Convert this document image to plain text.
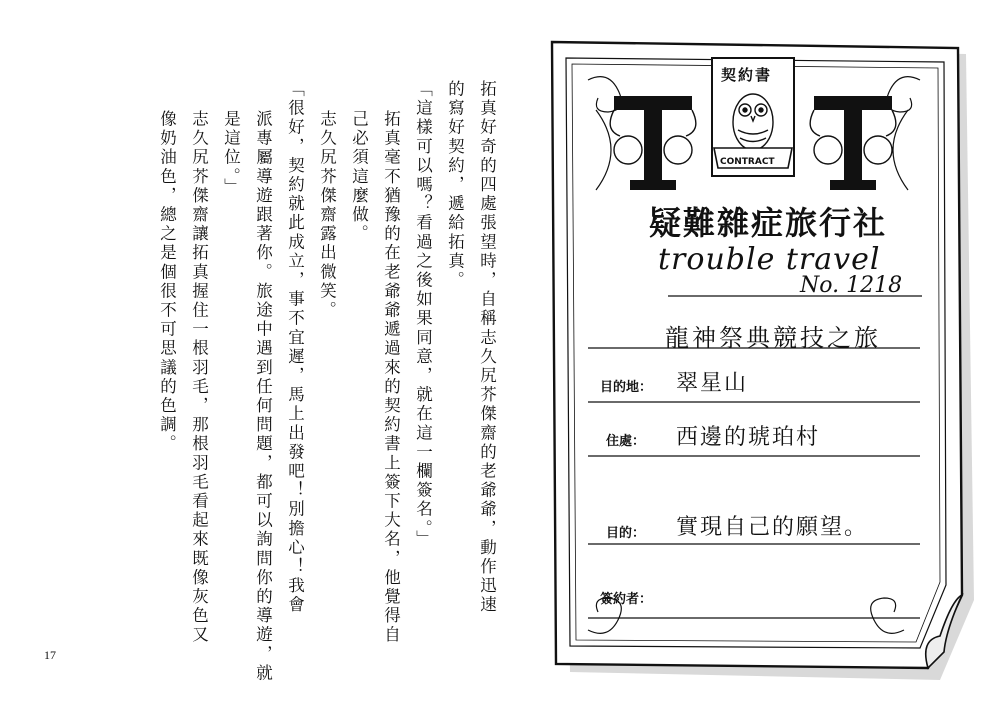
拓真好奇的四處張望時，自稱志久尻芥傑齋的老爺爺，動作迅速
的寫好契約，遞給拓真。
「這樣可以嗎？看過之後如果同意，就在這一欄簽名。」
拓真毫不猶豫的在老爺爺遞過來的契約書上簽下大名，他覺得自
己必須這麼做。
志久尻芥傑齋露出微笑。
「很好，契約就此成立，事不宜遲，馬上出發吧！別擔心！我會
派專屬導遊跟著你。旅途中遇到任何問題，都可以詢問你的導遊，就
是這位。」
志久尻芥傑齋讓拓真握住一根羽毛，那根羽毛看起來既像灰色又
像奶油色，總之是個很不可思議的色調。
17
契約書
CONTRACT
疑難雜症旅行社
trouble travel
No. 1218
龍神祭典競技之旅
目的地： 翠星山
住處： 西邊的琥珀村
目的： 實現自己的願望。
簽約者：
